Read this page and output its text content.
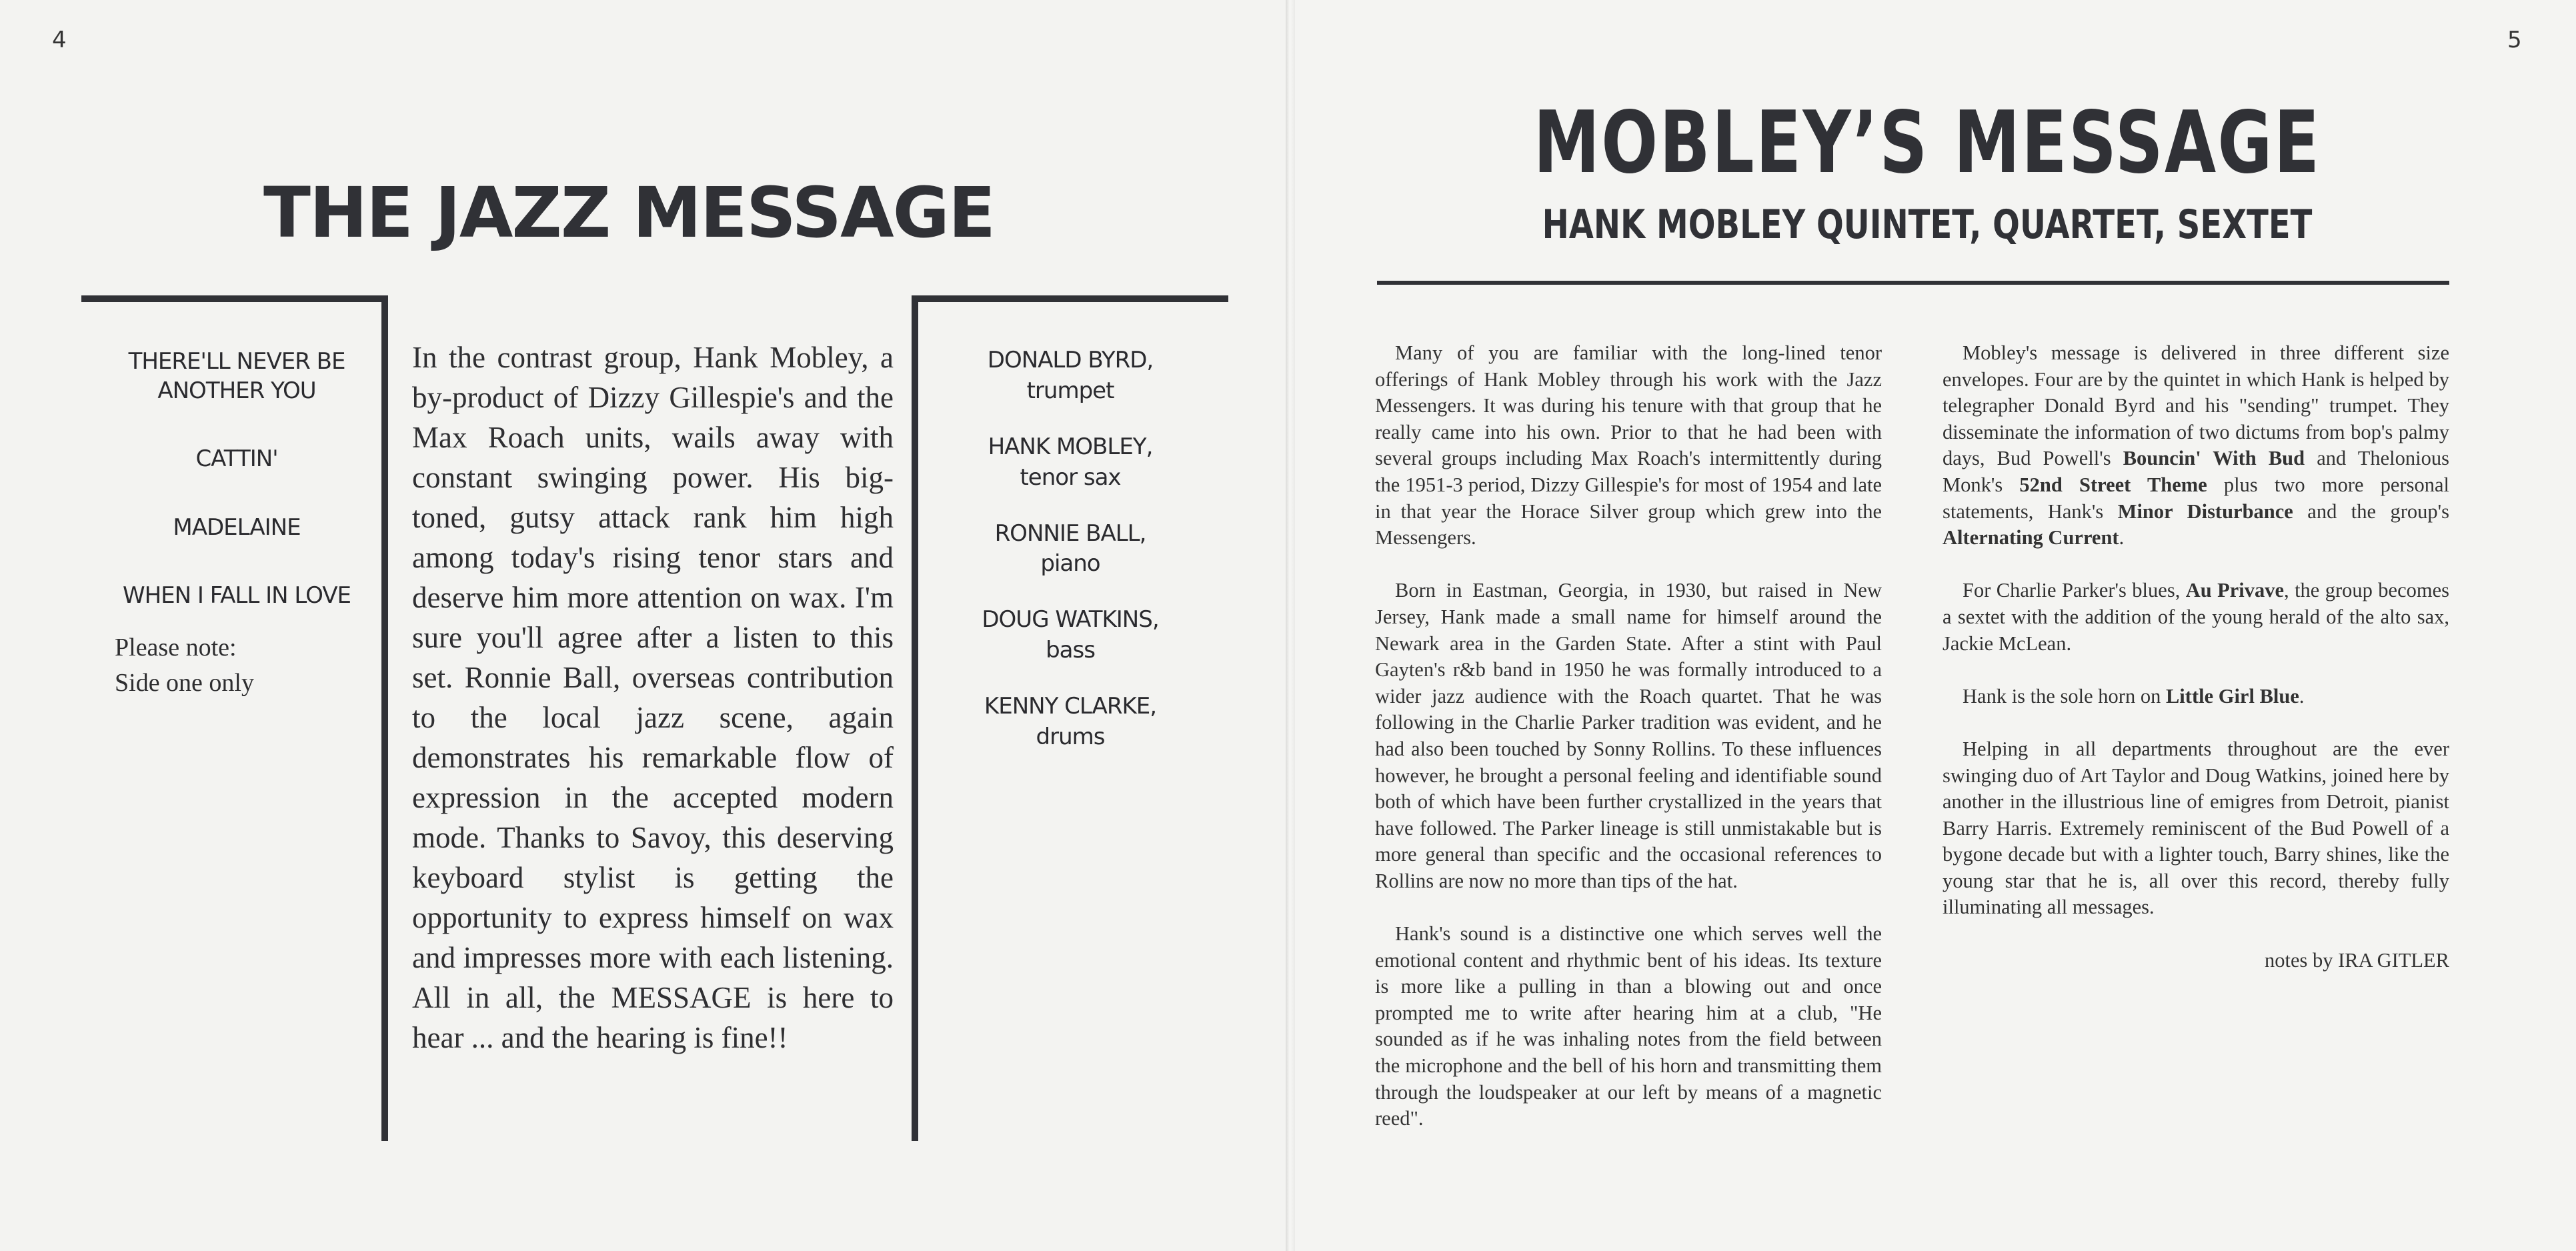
4
THE JAZZ MESSAGE
THERE'LL NEVER BE ANOTHER YOU
CATTIN'
MADELAINE
WHEN I FALL IN LOVE
Please note:
Side one only
In the contrast group, Hank Mobley, a by-product of Dizzy Gillespie's and the Max Roach units, wails away with constant swinging power. His big-toned, gutsy attack rank him high among today's rising tenor stars and deserve him more attention on wax. I'm sure you'll agree after a listen to this set. Ronnie Ball, overseas contribution to the local jazz scene, again demonstrates his remarkable flow of expression in the accepted modern mode. Thanks to Savoy, this deserving keyboard stylist is getting the opportunity to express himself on wax and impresses more with each listening. All in all, the MESSAGE is here to hear ... and the hearing is fine!!
DONALD BYRD,
trumpet
HANK MOBLEY,
tenor sax
RONNIE BALL,
piano
DOUG WATKINS,
bass
KENNY CLARKE,
drums
5
MOBLEY’S MESSAGE
HANK MOBLEY QUINTET, QUARTET, SEXTET

Many of you are familiar with the long-lined tenor offerings of Hank Mobley through his work with the Jazz Messengers. It was during his tenure with that group that he really came into his own. Prior to that he had been with several groups including Max Roach's intermittently during the 1951-3 period, Dizzy Gillespie's for most of 1954 and late in that year the Horace Silver group which grew into the Messengers.

Born in Eastman, Georgia, in 1930, but raised in New Jersey, Hank made a small name for himself around the Newark area in the Garden State. After a stint with Paul Gayten's r&b band in 1950 he was formally introduced to a wider jazz audience with the Roach quartet. That he was following in the Charlie Parker tradition was evident, and he had also been touched by Sonny Rollins. To these influences however, he brought a personal feeling and identifiable sound both of which have been further crystallized in the years that have followed. The Parker lineage is still unmistakable but is more general than specific and the occasional references to Rollins are now no more than tips of the hat.

Hank's sound is a distinctive one which serves well the emotional content and rhythmic bent of his ideas. Its texture is more like a pulling in than a blowing out and once prompted me to write after hearing him at a club, "He sounded as if he was inhaling notes from the field between the microphone and the bell of his horn and transmitting them through the loudspeaker at our left by means of a magnetic reed".

Mobley's message is delivered in three different size envelopes. Four are by the quintet in which Hank is helped by telegrapher Donald Byrd and his "sending" trumpet. They disseminate the information of two dictums from bop's palmy days, Bud Powell's Bouncin' With Bud and Thelonious Monk's 52nd Street Theme plus two more personal statements, Hank's Minor Disturbance and the group's Alternating Current.

For Charlie Parker's blues, Au Privave, the group becomes a sextet with the addition of the young herald of the alto sax, Jackie McLean.

Hank is the sole horn on Little Girl Blue.

Helping in all departments throughout are the ever swinging duo of Art Taylor and Doug Watkins, joined here by another in the illustrious line of emigres from Detroit, pianist Barry Harris. Extremely reminiscent of the Bud Powell of a bygone decade but with a lighter touch, Barry shines, like the young star that he is, all over this record, thereby fully illuminating all messages.

notes by IRA GITLER
